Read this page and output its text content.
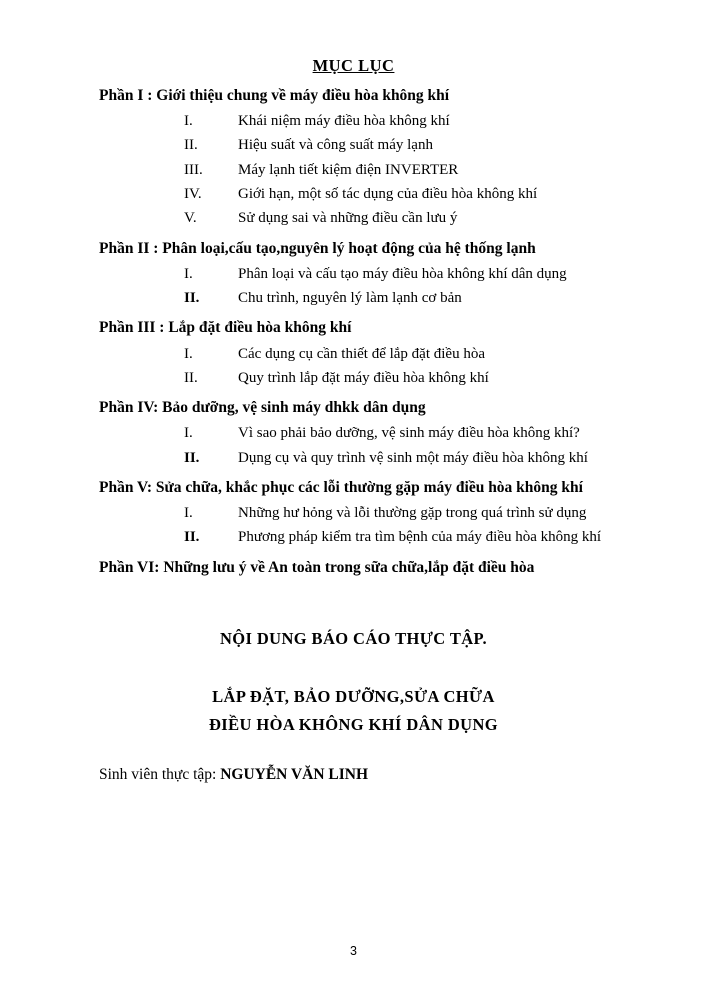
MỤC LỤC
Phần I : Giới thiệu chung về máy điều hòa không khí
I.	Khái niệm máy điều hòa không khí
II.	Hiệu suất và công suất máy lạnh
III.	Máy lạnh tiết kiệm điện INVERTER
IV.	Giới hạn, một số tác dụng của điều hòa không khí
V.	Sử dụng sai và những điều cần lưu ý
Phần II : Phân loại,cấu tạo,nguyên lý hoạt động của hệ thống lạnh
I.	Phân loại và cấu tạo máy điều hòa không khí dân dụng
II.	Chu trình, nguyên lý làm lạnh cơ bản
Phần III : Lắp đặt điều hòa không khí
I.	Các dụng cụ cần thiết để lắp đặt điều hòa
II.	Quy trình lắp đặt máy điều hòa không khí
Phần IV: Bảo dưỡng, vệ sinh máy dhkk dân dụng
I.	Vì sao phải bảo dưỡng, vệ sinh máy điều hòa không khí?
II.	Dụng cụ và quy trình vệ sinh một máy điều hòa không khí
Phần V: Sửa chữa, khắc phục các lỗi thường gặp máy điều hòa không khí
I.	Những hư hỏng và lỗi thường gặp trong quá trình sử dụng
II.	Phương pháp kiểm tra tìm bệnh của máy điều hòa không khí
Phần VI: Những lưu ý về An toàn trong sữa chữa,lắp đặt điều hòa
NỘI DUNG BÁO CÁO THỰC TẬP.
LẮP ĐẶT, BẢO DƯỠNG,SỬA CHỮA
ĐIỀU HÒA KHÔNG KHÍ DÂN DỤNG

Sinh viên thực tập: NGUYỄN VĂN LINH

3
